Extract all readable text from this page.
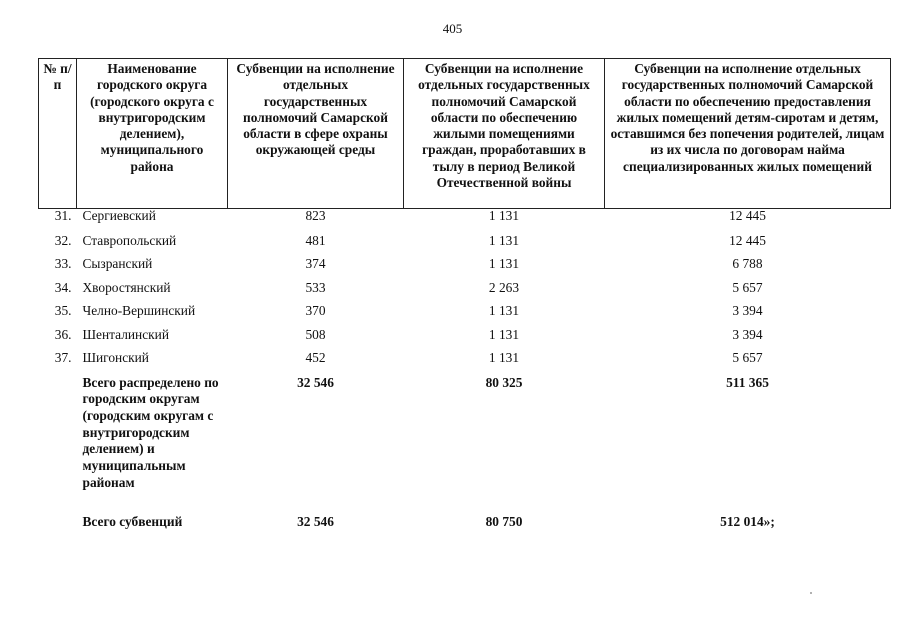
405
№ п/п	Наименование городского округа (городского округа с внутригородским делением), муниципального района	Субвенции на исполнение отдельных государственных полномочий Самарской области в сфере охраны окружающей среды	Субвенции на исполнение отдельных государственных полномочий Самарской области по обеспечению жилыми помещениями граждан, проработавших в тылу в период Великой Отечественной войны	Субвенции на исполнение отдельных государственных полномочий Самарской области по обеспечению предоставления жилых помещений детям-сиротам и детям, оставшимся без попечения родителей, лицам из их числа по договорам найма специализированных жилых помещений
31.	Сергиевский	823	1 131	12 445
32.	Ставропольский	481	1 131	12 445
33.	Сызранский	374	1 131	6 788
34.	Хворостянский	533	2 263	5 657
35.	Челно-Вершинский	370	1 131	3 394
36.	Шенталинский	508	1 131	3 394
37.	Шигонский	452	1 131	5 657
	Всего распределено по городским округам (городским округам с внутригородским делением) и муниципальным районам	32 546	80 325	511 365
	Всего субвенций	32 546	80 750	512 014»;
